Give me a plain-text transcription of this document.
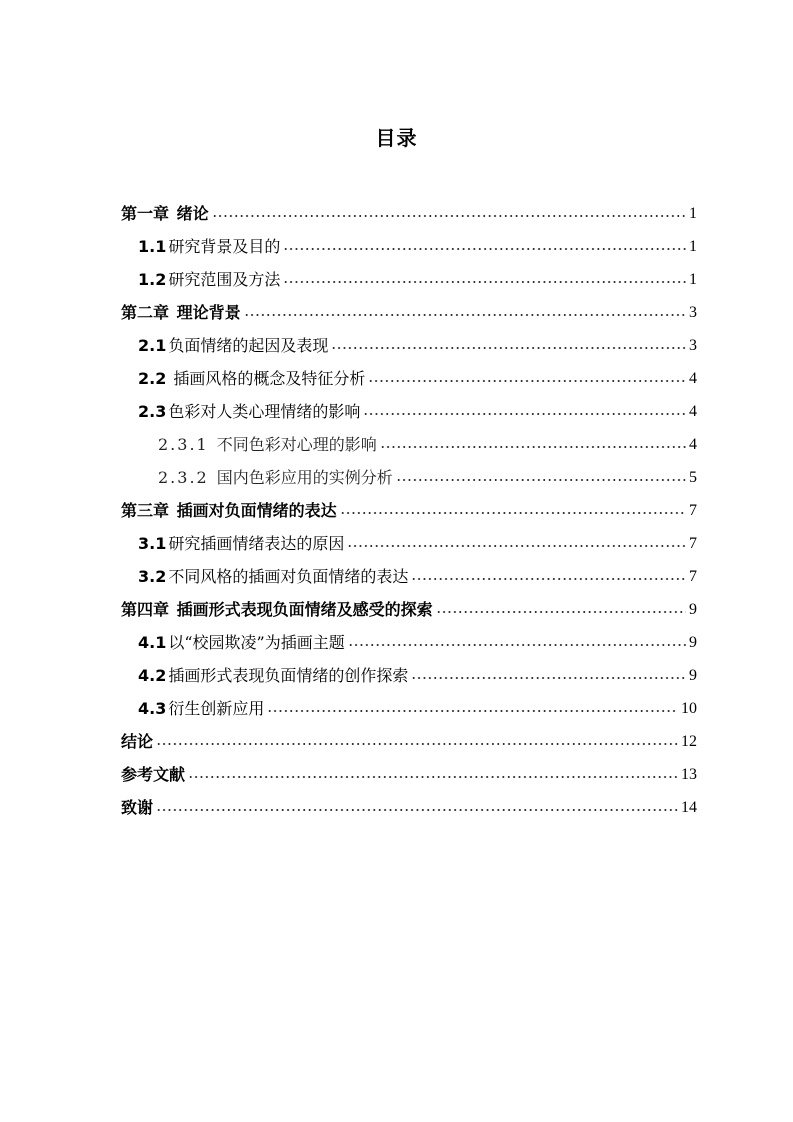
目录
第一章 绪论	1
1.1 研究背景及目的	1
1.2 研究范围及方法	1
第二章 理论背景	3
2.1 负面情绪的起因及表现	3
2.2 插画风格的概念及特征分析	4
2.3 色彩对人类心理情绪的影响	4
2.3.1 不同色彩对心理的影响	4
2.3.2 国内色彩应用的实例分析	5
第三章 插画对负面情绪的表达	7
3.1 研究插画情绪表达的原因	7
3.2 不同风格的插画对负面情绪的表达	7
第四章 插画形式表现负面情绪及感受的探索	9
4.1 以“校园欺凌”为插画主题	9
4.2 插画形式表现负面情绪的创作探索	9
4.3 衍生创新应用	10
结论	12
参考文献	13
致谢	14
